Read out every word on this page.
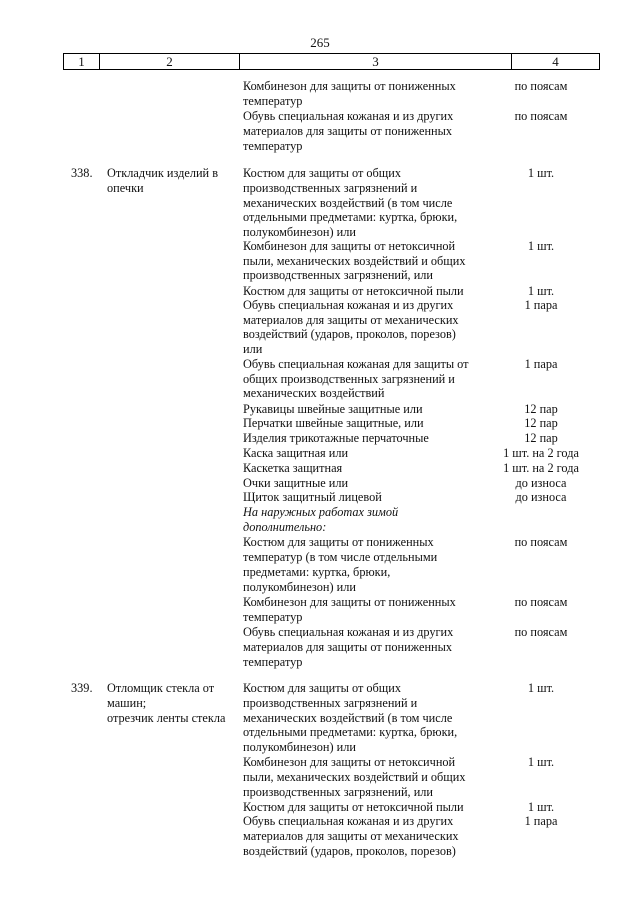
265
1	2	3	4
Комбинезон для защиты от пониженных	по поясам
температур
Обувь специальная кожаная и из других	по поясам
материалов для защиты от пониженных
температур
338. Откладчик изделий в
опечки
Костюм для защиты от общих	1 шт.
производственных загрязнений и
механических воздействий (в том числе
отдельными предметами: куртка, брюки,
полукомбинезон) или
Комбинезон для защиты от нетоксичной	1 шт.
пыли, механических воздействий и общих
производственных загрязнений, или
Костюм для защиты от нетоксичной пыли	1 шт.
Обувь специальная кожаная и из других	1 пара
материалов для защиты от механических
воздействий (ударов, проколов, порезов)
или
Обувь специальная кожаная для защиты от	1 пара
общих производственных загрязнений и
механических воздействий
Рукавицы швейные защитные или	12 пар
Перчатки швейные защитные, или	12 пар
Изделия трикотажные перчаточные	12 пар
Каска защитная или	1 шт. на 2 года
Каскетка защитная	1 шт. на 2 года
Очки защитные или	до износа
Щиток защитный лицевой	до износа
На наружных работах зимой
дополнительно:
Костюм для защиты от пониженных	по поясам
температур (в том числе отдельными
предметами: куртка, брюки,
полукомбинезон) или
Комбинезон для защиты от пониженных	по поясам
температур
Обувь специальная кожаная и из других	по поясам
материалов для защиты от пониженных
температур
339. Отломщик стекла от
машин;
отрезчик ленты стекла
Костюм для защиты от общих	1 шт.
производственных загрязнений и
механических воздействий (в том числе
отдельными предметами: куртка, брюки,
полукомбинезон) или
Комбинезон для защиты от нетоксичной	1 шт.
пыли, механических воздействий и общих
производственных загрязнений, или
Костюм для защиты от нетоксичной пыли	1 шт.
Обувь специальная кожаная и из других	1 пара
материалов для защиты от механических
воздействий (ударов, проколов, порезов)
